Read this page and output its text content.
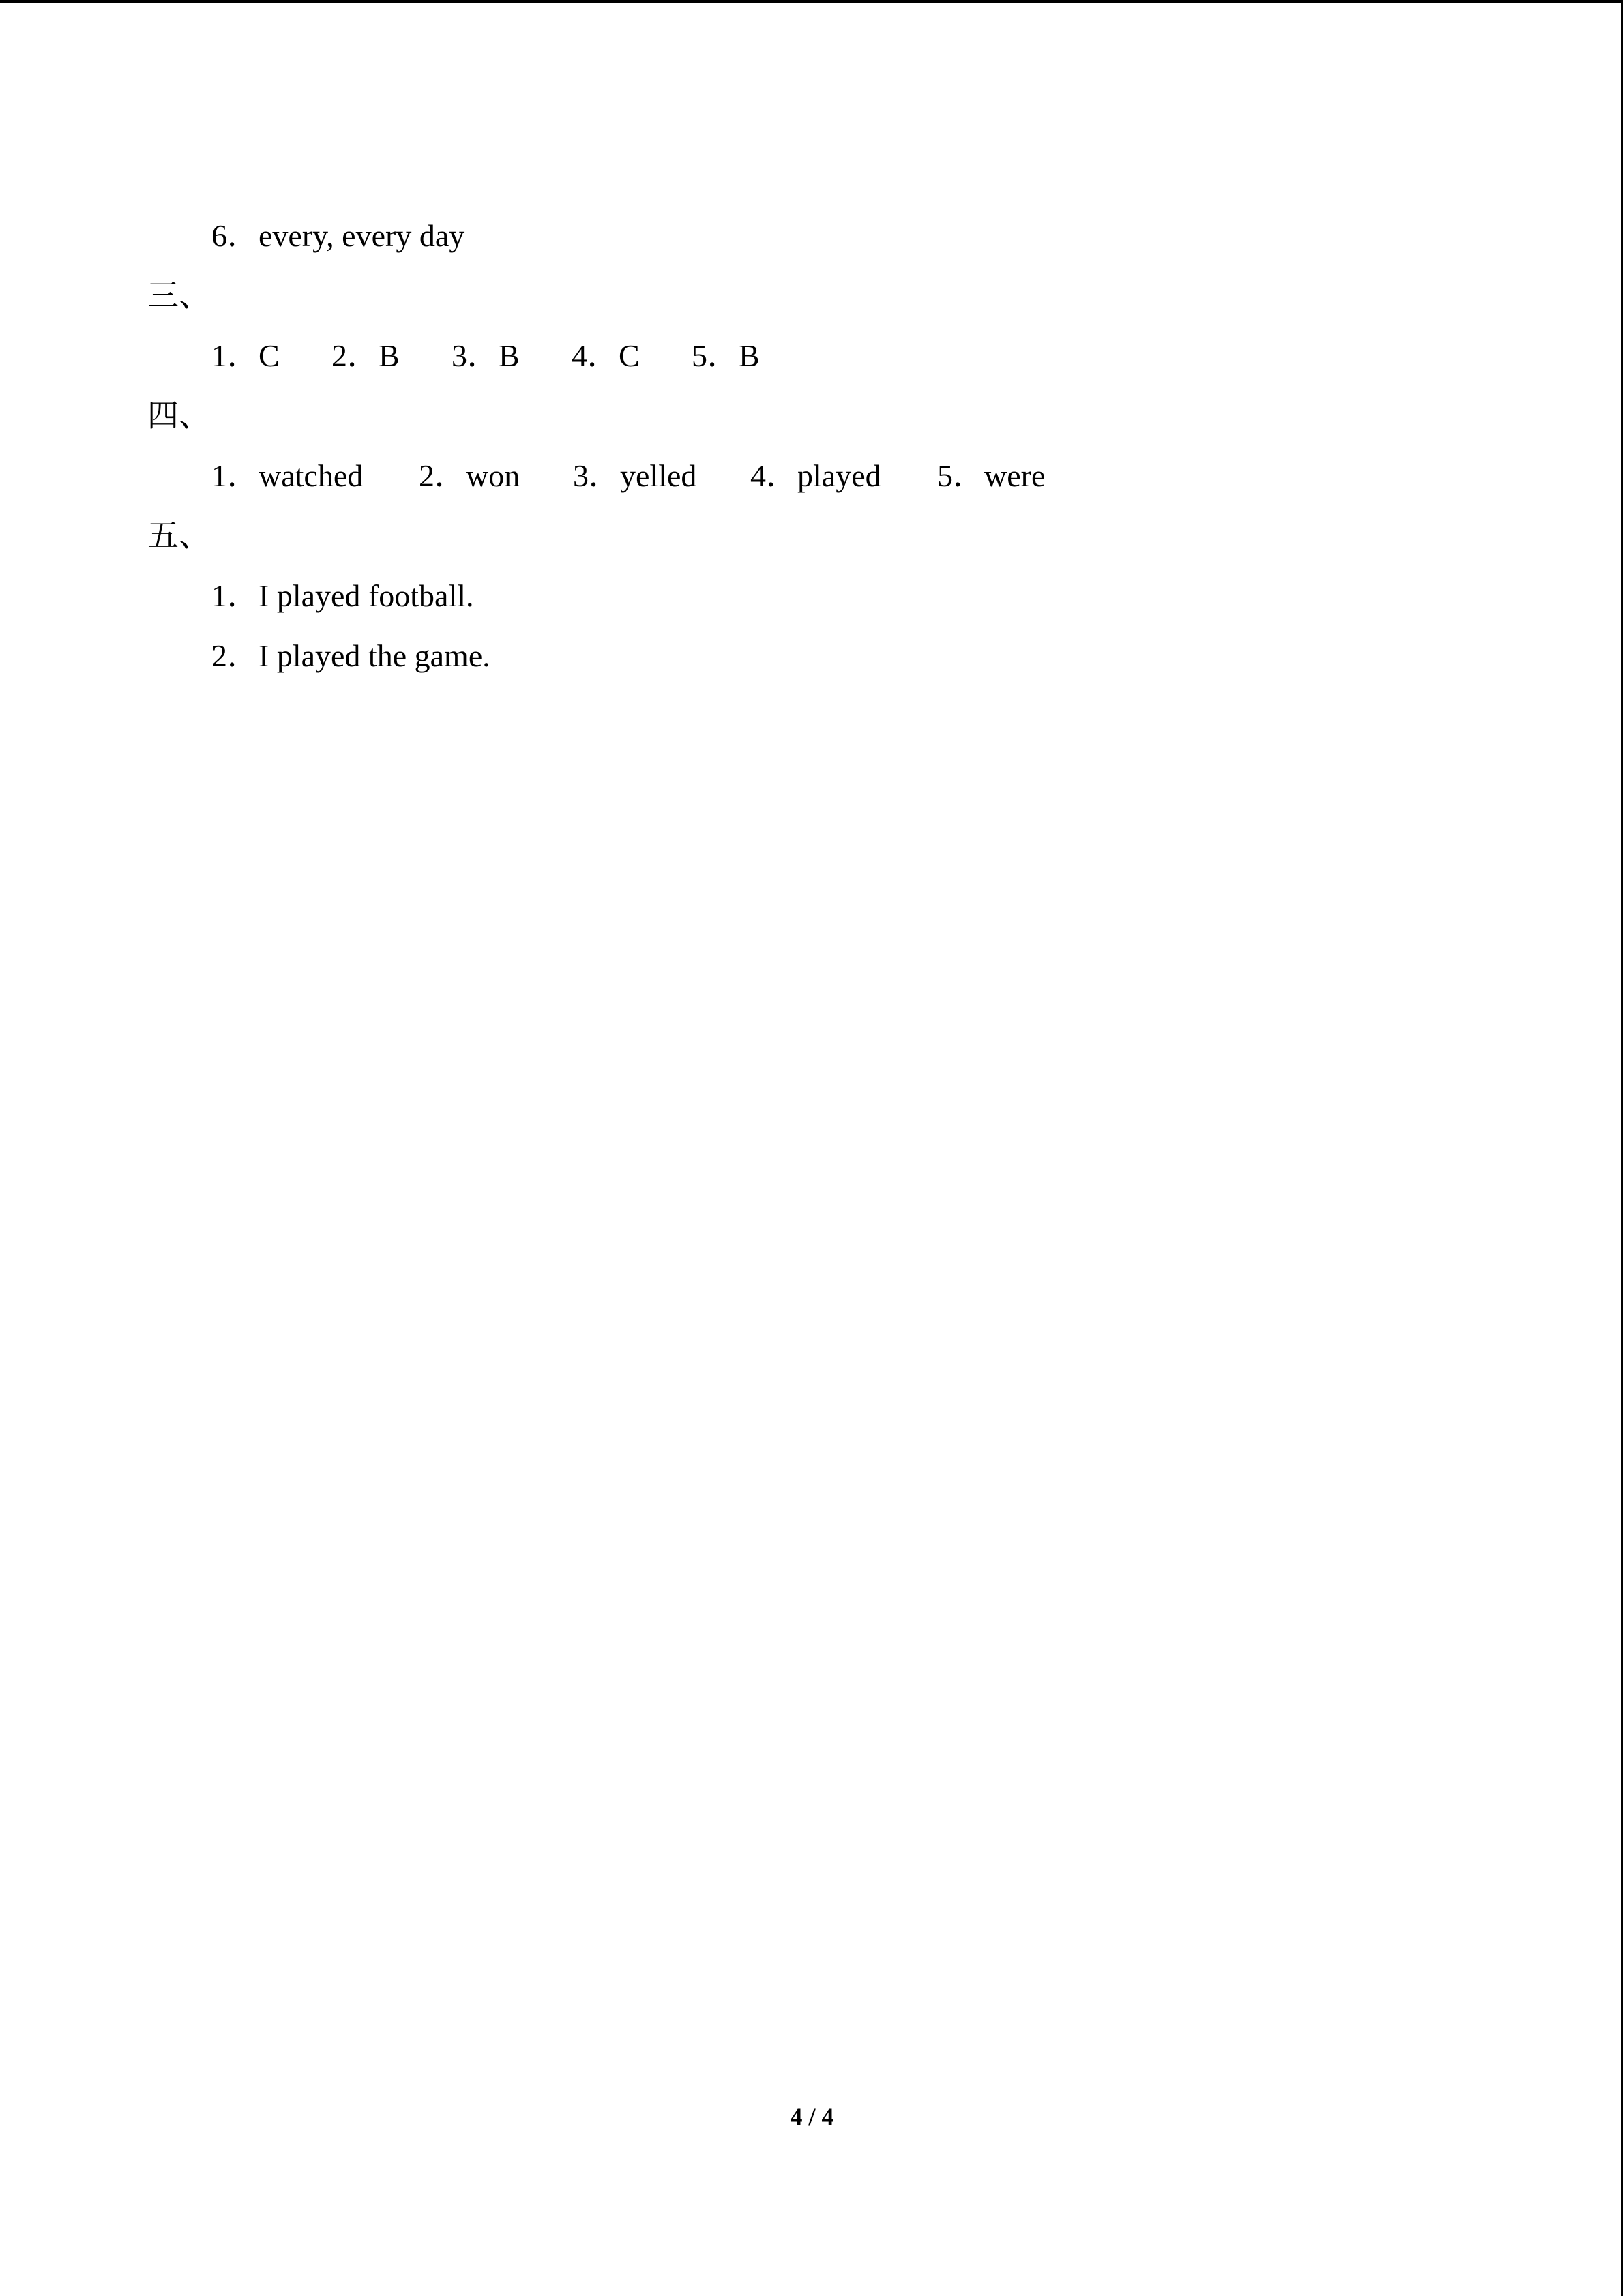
6．every, every day
三、
1．C 2．B 3．B 4．C 5．B
四、
1．watched 2．won 3．yelled 4．played 5．were
五、
1．I played football.
2．I played the game.
4 / 4
